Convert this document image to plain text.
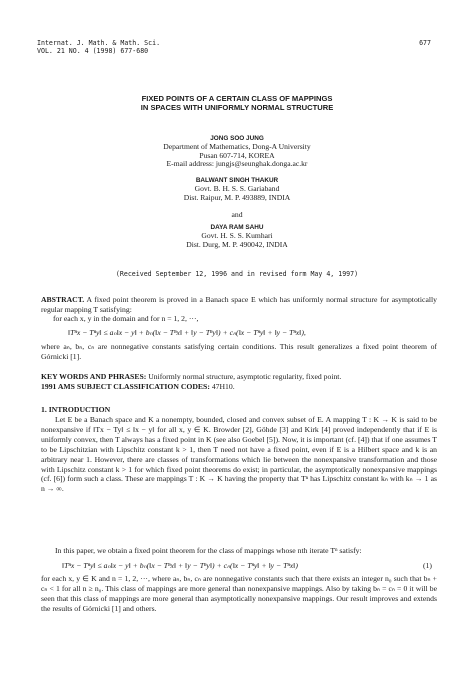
Internat. J. Math. & Math. Sci.
VOL. 21 NO. 4 (1998) 677-680
677
FIXED POINTS OF A CERTAIN CLASS OF MAPPINGS
IN SPACES WITH UNIFORMLY NORMAL STRUCTURE
JONG SOO JUNG
Department of Mathematics, Dong-A University
Pusan 607-714, KOREA
E-mail address: jungjs@seunghak.donga.ac.kr
BALWANT SINGH THAKUR
Govt. B. H. S. S. Gariaband
Dist. Raipur, M. P. 493889, INDIA
and
DAYA RAM SAHU
Govt. H. S. S. Kumhari
Dist. Durg, M. P. 490042, INDIA
(Received September 12, 1996 and in revised form May 4, 1997)

ABSTRACT. A fixed point theorem is proved in a Banach space E which has uniformly normal structure for asymptotically regular mapping T satisfying:

for each x, y in the domain and for n = 1, 2, ···,

‖Tⁿx − Tⁿy‖ ≤ aₙ‖x − y‖ + bₙ(‖x − Tⁿx‖ + ‖y − Tⁿy‖) + cₙ(‖x − Tⁿy‖ + ‖y − Tⁿx‖),
where aₙ, bₙ, cₙ are nonnegative constants satisfying certain conditions. This result generalizes a fixed point theorem of Górnicki [1].

KEY WORDS AND PHRASES: Uniformly normal structure, asymptotic regularity, fixed point.

1991 AMS SUBJECT CLASSIFICATION CODES: 47H10.

1. INTRODUCTION
Let E be a Banach space and K a nonempty, bounded, closed and convex subset of E. A mapping T : K → K is said to be nonexpansive if ‖Tx − Ty‖ ≤ ‖x − y‖ for all x, y ∈ K. Browder [2], Göhde [3] and Kirk [4] proved independently that if E is uniformly convex, then T always has a fixed point in K (see also Goebel [5]). Now, it is important (cf. [4]) that if one assumes T to be Lipschitzian with Lipschitz constant k > 1, then T need not have a fixed point, even if E is a Hilbert space and k is an arbitrary near 1. However, there are classes of transformations which lie between the nonexpansive transformation and those with Lipschitz constant k > 1 for which fixed point theorems do exist; in particular, the asymptotically nonexpansive mappings (cf. [6]) form such a class. These are mappings T : K → K having the property that Tⁿ has Lipschitz constant kₙ with kₙ → 1 as n → ∞.
In this paper, we obtain a fixed point theorem for the class of mappings whose nth iterate Tⁿ satisfy:
‖Tⁿx − Tⁿy‖ ≤ aₙ‖x − y‖ + bₙ(‖x − Tⁿx‖ + ‖y − Tⁿy‖) + cₙ(‖x − Tⁿy‖ + ‖y − Tⁿx‖)	(1)
for each x, y ∈ K and n = 1, 2, ···, where aₙ, bₙ, cₙ are nonnegative constants such that there exists an integer n₀ such that bₙ + cₙ < 1 for all n ≥ n₀. This class of mappings are more general than nonexpansive mappings. Also by taking bₙ = cₙ = 0 it will be seen that this class of mappings are more general than asymptotically nonexpansive mappings. Our result improves and extends the results of Górnicki [1] and others.
